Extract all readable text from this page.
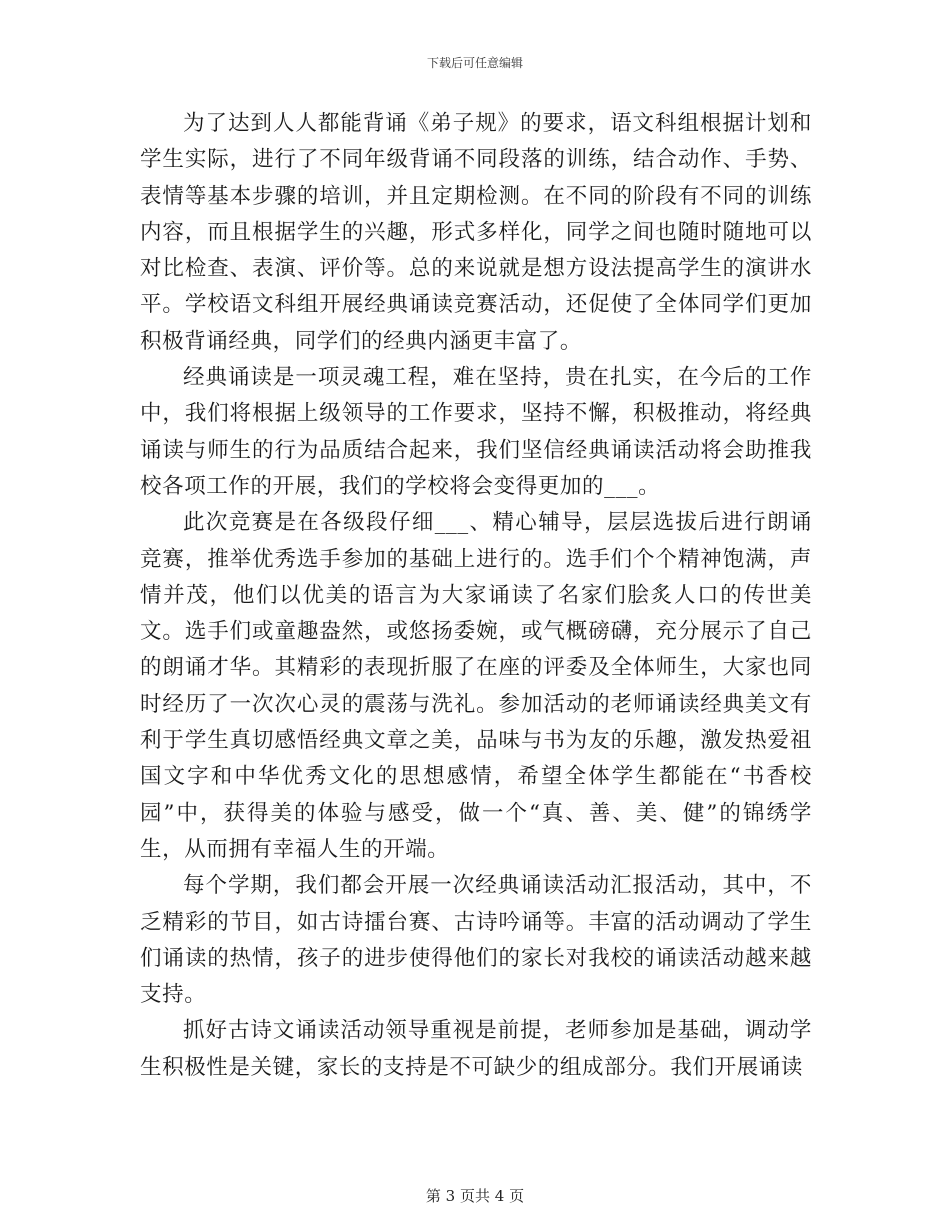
下载后可任意编辑

为了达到人人都能背诵《弟子规》的要求，语文科组根据计划和学生实际，进行了不同年级背诵不同段落的训练，结合动作、手势、表情等基本步骤的培训，并且定期检测。在不同的阶段有不同的训练内容，而且根据学生的兴趣，形式多样化，同学之间也随时随地可以对比检查、表演、评价等。总的来说就是想方设法提高学生的演讲水平。学校语文科组开展经典诵读竞赛活动，还促使了全体同学们更加积极背诵经典，同学们的经典内涵更丰富了。

经典诵读是一项灵魂工程，难在坚持，贵在扎实，在今后的工作中，我们将根据上级领导的工作要求，坚持不懈，积极推动，将经典诵读与师生的行为品质结合起来，我们坚信经典诵读活动将会助推我校各项工作的开展，我们的学校将会变得更加的___。

此次竞赛是在各级段仔细___、精心辅导，层层选拔后进行朗诵竞赛，推举优秀选手参加的基础上进行的。选手们个个精神饱满，声情并茂，他们以优美的语言为大家诵读了名家们脍炙人口的传世美文。选手们或童趣盎然，或悠扬委婉，或气概磅礴，充分展示了自己的朗诵才华。其精彩的表现折服了在座的评委及全体师生，大家也同时经历了一次次心灵的震荡与洗礼。参加活动的老师诵读经典美文有利于学生真切感悟经典文章之美，品味与书为友的乐趣，激发热爱祖国文字和中华优秀文化的思想感情，希望全体学生都能在“书香校园”中，获得美的体验与感受，做一个“真、善、美、健”的锦绣学生，从而拥有幸福人生的开端。

每个学期，我们都会开展一次经典诵读活动汇报活动，其中，不乏精彩的节目，如古诗擂台赛、古诗吟诵等。丰富的活动调动了学生们诵读的热情，孩子的进步使得他们的家长对我校的诵读活动越来越支持。

抓好古诗文诵读活动领导重视是前提，老师参加是基础，调动学生积极性是关键，家长的支持是不可缺少的组成部分。我们开展诵读

第 3 页共 4 页
